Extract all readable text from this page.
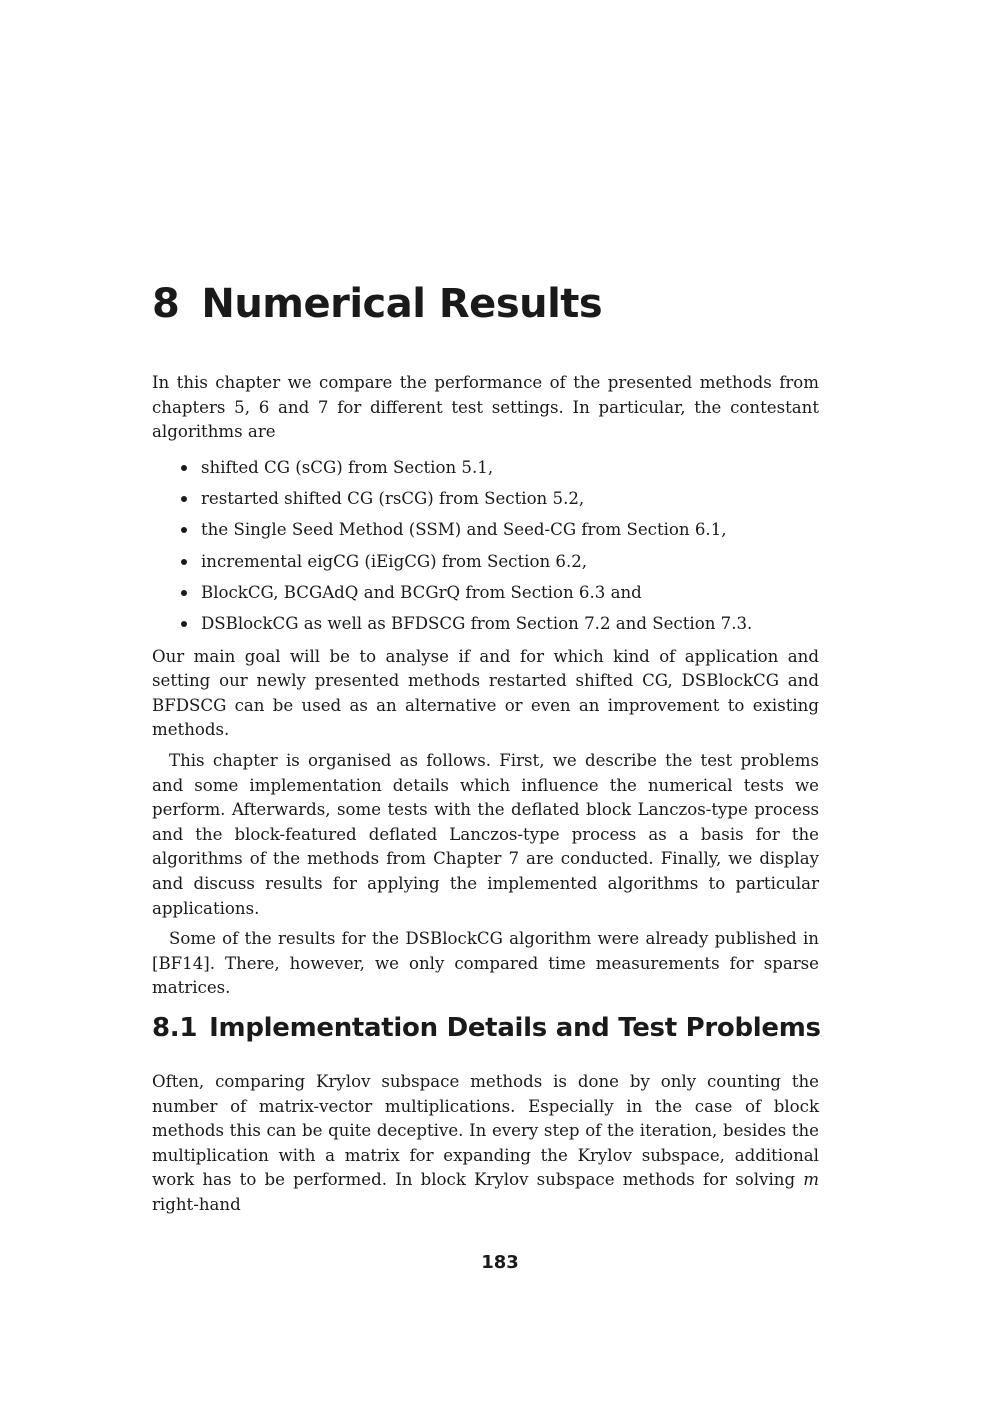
8 Numerical Results

In this chapter we compare the performance of the presented methods from chapters 5, 6 and 7 for different test settings. In particular, the contestant algorithms are

shifted CG (sCG) from Section 5.1,
restarted shifted CG (rsCG) from Section 5.2,
the Single Seed Method (SSM) and Seed-CG from Section 6.1,
incremental eigCG (iEigCG) from Section 6.2,
BlockCG, BCGAdQ and BCGrQ from Section 6.3 and
DSBlockCG as well as BFDSCG from Section 7.2 and Section 7.3.

Our main goal will be to analyse if and for which kind of application and setting our newly presented methods restarted shifted CG, DSBlockCG and BFDSCG can be used as an alternative or even an improvement to existing methods.

This chapter is organised as follows. First, we describe the test problems and some implementation details which influence the numerical tests we perform. Afterwards, some tests with the deflated block Lanczos-type process and the block-featured deflated Lanczos-type process as a basis for the algorithms of the methods from Chapter 7 are conducted. Finally, we display and discuss results for applying the implemented algorithms to particular applications.

Some of the results for the DSBlockCG algorithm were already published in [BF14]. There, however, we only compared time measurements for sparse matrices.

8.1 Implementation Details and Test Problems

Often, comparing Krylov subspace methods is done by only counting the number of matrix-vector multiplications. Especially in the case of block methods this can be quite deceptive. In every step of the iteration, besides the multiplication with a matrix for expanding the Krylov subspace, additional work has to be performed. In block Krylov subspace methods for solving m right-hand

183
